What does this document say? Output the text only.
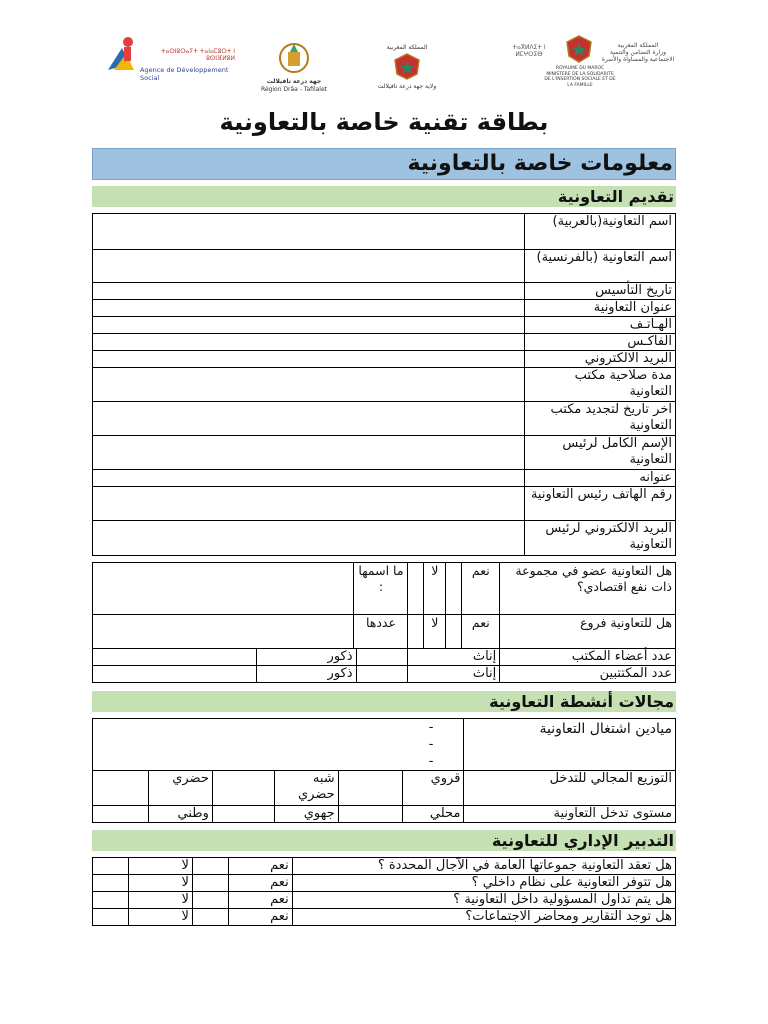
ⵜⴰⵙⵏⵓⵔⴰⵢⵜ ⵜⴰⵏⴰⵎⵓⵔⵜ ⵏ ⵓⵙⵏⴼⵍⵓⵍ
Agence de Développement Social	جهة درعة تافيلالت
Région Drâa - Tafilalet
المملكة المغربية
ولاية جهة درعة تافيلالت
ⵜⴰⴳⵍⴷⵉⵜ ⵏ ⵍⵎⵖⵔⵉⴱ
المملكة المغربية
وزارة التضامن والتنمية
الاجتماعية والمساواة والأسرة
ROYAUME DU MAROC
MINISTERE DE LA SOLIDARITE
DE L'INSERTION SOCIALE ET DE LA FAMILLE
بطاقة تقنية خاصة بالتعاونية
معلومات خاصة بالتعاونية
تقديم التعاونية
اسم التعاونية(بالعربية)	
اسم التعاونية (بالفرنسية)	
تاريخ التأسيس	
عنوان التعاونية	
الهـاتـف	
الفاكـس	
البريد الالكتروني	
مدة صلاحية مكتب التعاونية	
آخر تاريخ لتجديد مكتب التعاونية	
الإسم الكامل لرئيس التعاونية	
عنوانه	
رقم الهاتف رئيس التعاونية	
البريد الالكتروني لرئيس التعاونية	
هل التعاونية عضو في مجموعة ذات نفع اقتصادي؟	نعم		لا		ما اسمها :	
هل للتعاونية فروع	نعم		لا		عددها	
عدد أعضاء المكتب	إناث		ذكور	
عدد المكتتبين	إناث		ذكور	
مجالات أنشطة التعاونية
ميادين اشتغال التعاونية	-
-
-					

التوزيع المجالي للتدخل	قروي		شبه حضري		حضري	
مستوى تدخل التعاونية	محلي		جهوي		وطني	
التدبير الإداري للتعاونية
هل تعقد التعاونية جموعاتها العامة في الآجال المحددة ؟	نعم		لا	
هل تتوفر التعاونية على نظام داخلي ؟	نعم		لا	
هل يتم تداول المسؤولية داخل التعاونية ؟	نعم		لا	
هل توجد التقارير ومحاضر الاجتماعات؟	نعم		لا	
